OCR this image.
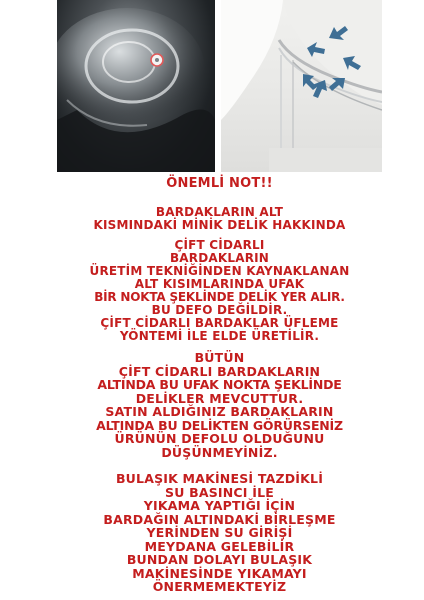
ÖNEMLİ NOT!!
BARDAKLARIN ALT
KISMINDAKİ MİNİK DELİK HAKKINDA
ÇİFT CİDARLI
BARDAKLARIN
ÜRETİM TEKNİĞİNDEN KAYNAKLANAN
ALT KISIMLARINDA UFAK
BİR NOKTA ŞEKLİNDE DELİK YER ALIR.
BU DEFO DEĞİLDİR.
ÇİFT CİDARLI BARDAKLAR ÜFLEME
YÖNTEMİ İLE ELDE ÜRETİLİR.
BÜTÜN
ÇİFT CİDARLI BARDAKLARIN
ALTINDA BU UFAK NOKTA ŞEKLİNDE
DELİKLER MEVCUTTUR.
SATIN ALDIĞINIZ BARDAKLARIN
ALTINDA BU DELİKTEN GÖRÜRSENİZ
ÜRÜNÜN DEFOLU OLDUĞUNU
DÜŞÜNMEYİNİZ.
BULAŞIK MAKİNESİ TAZDİKLİ
SU BASINCI İLE
YIKAMA YAPTIĞI İÇİN
BARDAĞIN ALTINDAKİ BİRLEŞME
YERİNDEN SU GİRİŞİ
MEYDANA GELEBİLİR
BUNDAN DOLAYI BULAŞIK
MAKİNESİNDE YIKAMAYI
ÖNERMEMEKTEYİZ
